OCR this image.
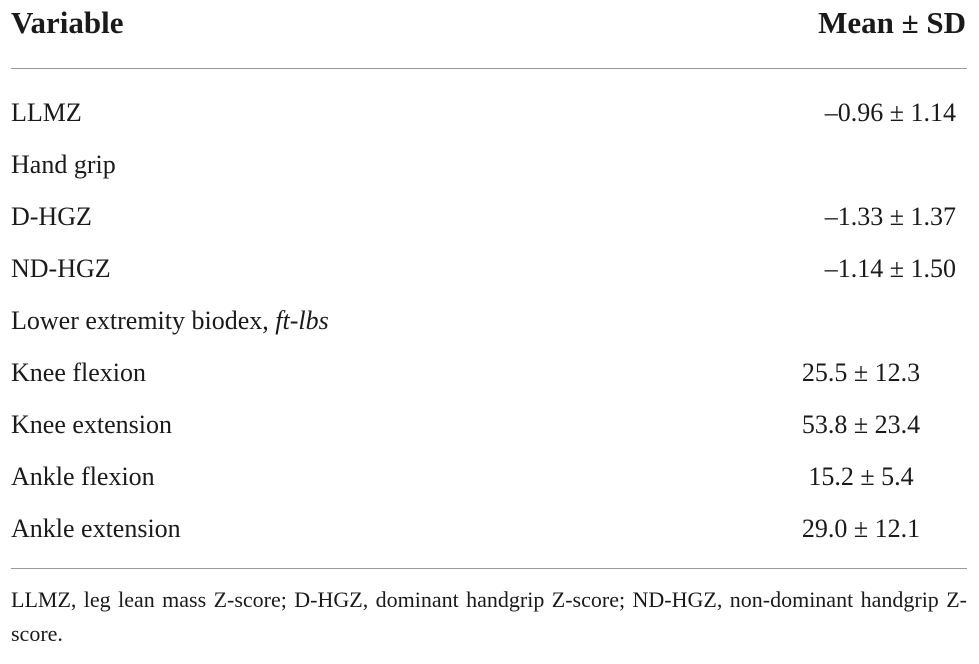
Variable	Mean ± SD
LLMZ	–0.96 ± 1.14
Hand grip
D-HGZ	–1.33 ± 1.37
ND-HGZ	–1.14 ± 1.50
Lower extremity biodex, ft-lbs
Knee flexion	25.5 ± 12.3
Knee extension	53.8 ± 23.4
Ankle flexion	15.2 ± 5.4
Ankle extension	29.0 ± 12.1
LLMZ, leg lean mass Z-score; D-HGZ, dominant handgrip Z-score; ND-HGZ, non-dominant handgrip Z-score.
